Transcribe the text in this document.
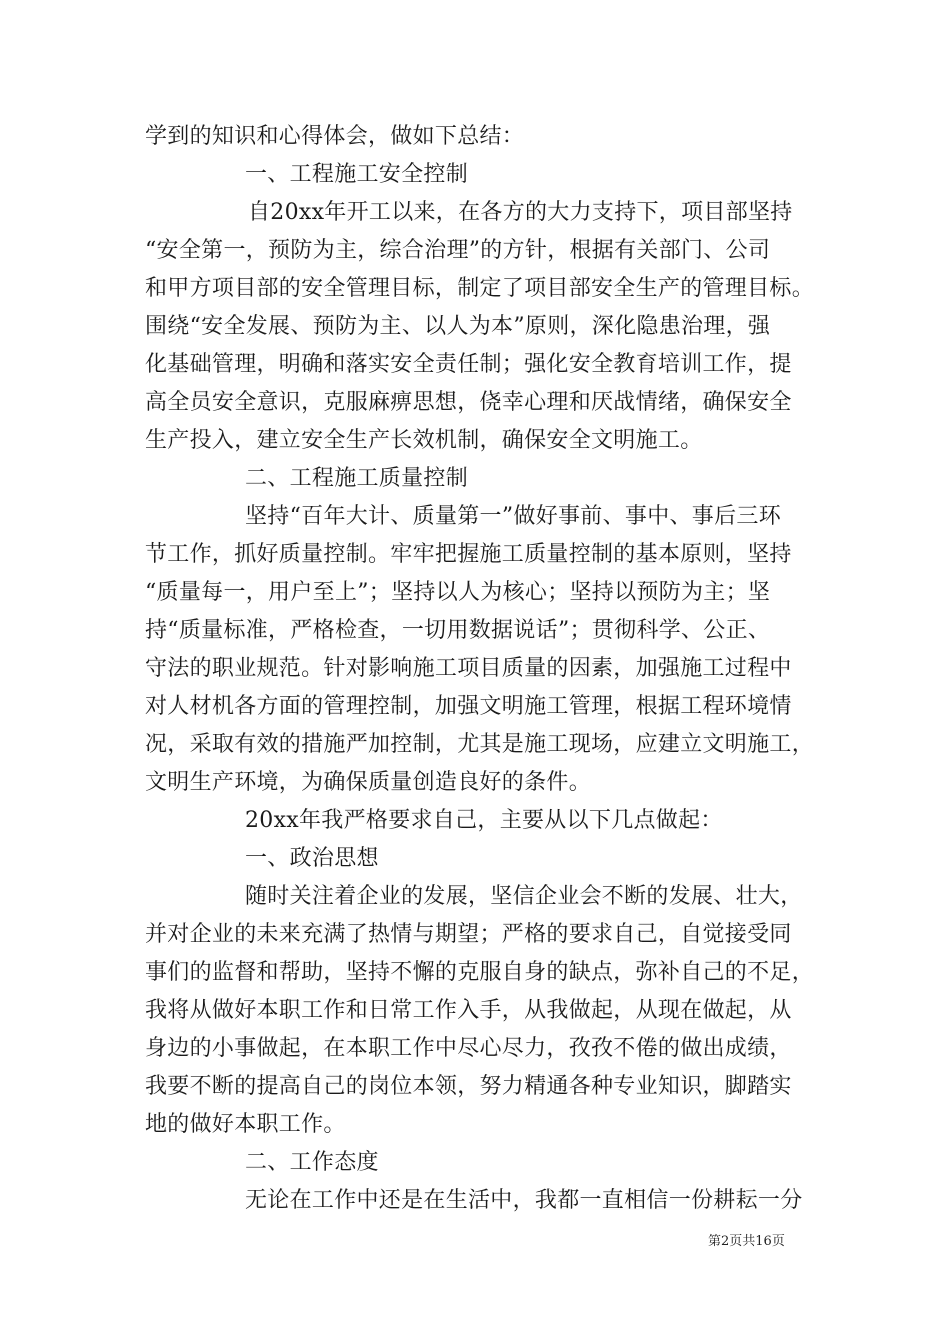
学到的知识和心得体会，做如下总结：
一、工程施工安全控制
自20xx年开工以来，在各方的大力支持下，项目部坚持
“安全第一，预防为主，综合治理”的方针，根据有关部门、公司
和甲方项目部的安全管理目标，制定了项目部安全生产的管理目标。
围绕“安全发展、预防为主、以人为本”原则，深化隐患治理，强
化基础管理，明确和落实安全责任制；强化安全教育培训工作，提
高全员安全意识，克服麻痹思想，侥幸心理和厌战情绪，确保安全
生产投入，建立安全生产长效机制，确保安全文明施工。
二、工程施工质量控制
坚持“百年大计、质量第一”做好事前、事中、事后三环
节工作，抓好质量控制。牢牢把握施工质量控制的基本原则，坚持
“质量每一，用户至上”；坚持以人为核心；坚持以预防为主；坚
持“质量标准，严格检查，一切用数据说话”；贯彻科学、公正、
守法的职业规范。针对影响施工项目质量的因素，加强施工过程中
对人材机各方面的管理控制，加强文明施工管理，根据工程环境情
况，采取有效的措施严加控制，尤其是施工现场，应建立文明施工，
文明生产环境，为确保质量创造良好的条件。
20xx年我严格要求自己，主要从以下几点做起：
一、政治思想
随时关注着企业的发展，坚信企业会不断的发展、壮大，
并对企业的未来充满了热情与期望；严格的要求自己，自觉接受同
事们的监督和帮助，坚持不懈的克服自身的缺点，弥补自己的不足，
我将从做好本职工作和日常工作入手，从我做起，从现在做起，从
身边的小事做起，在本职工作中尽心尽力，孜孜不倦的做出成绩，
我要不断的提高自己的岗位本领，努力精通各种专业知识，脚踏实
地的做好本职工作。
二、工作态度
无论在工作中还是在生活中，我都一直相信一份耕耘一分
第2页共16页
